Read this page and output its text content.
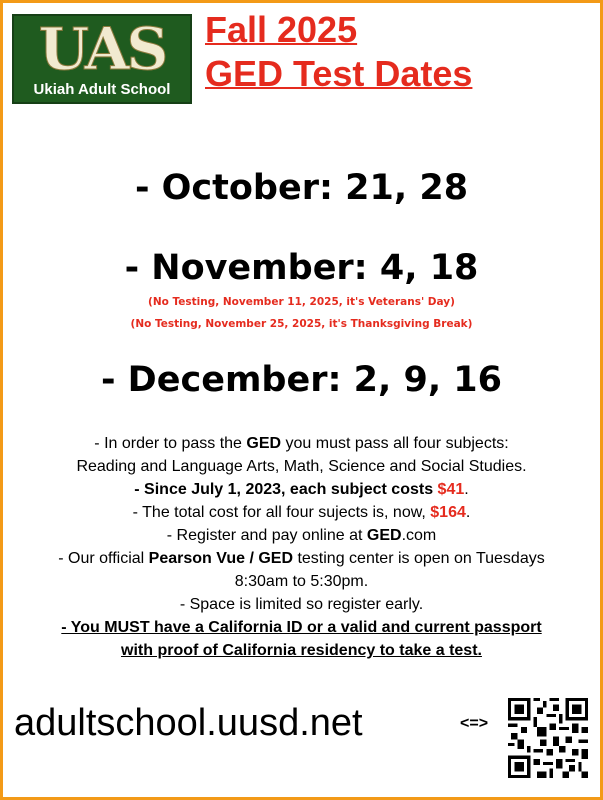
UAS
Ukiah Adult School
Fall 2025
GED Test Dates
- October: 21, 28
- November: 4, 18
(No Testing, November 11, 2025, it's Veterans' Day)
(No Testing, November 25, 2025, it's Thanksgiving Break)
- December: 2, 9, 16

- In order to pass the GED you must pass all four subjects:

Reading and Language Arts, Math, Science and Social Studies.

- Since July 1, 2023, each subject costs $41.

- The total cost for all four sujects is, now, $164.

- Register and pay online at GED.com

- Our official Pearson Vue / GED testing center is open on Tuesdays

8:30am to 5:30pm.

- Space is limited so register early.

- You MUST have a California ID or a valid and current passport

with proof of California residency to take a test.

adultschool.uusd.net	<=>
